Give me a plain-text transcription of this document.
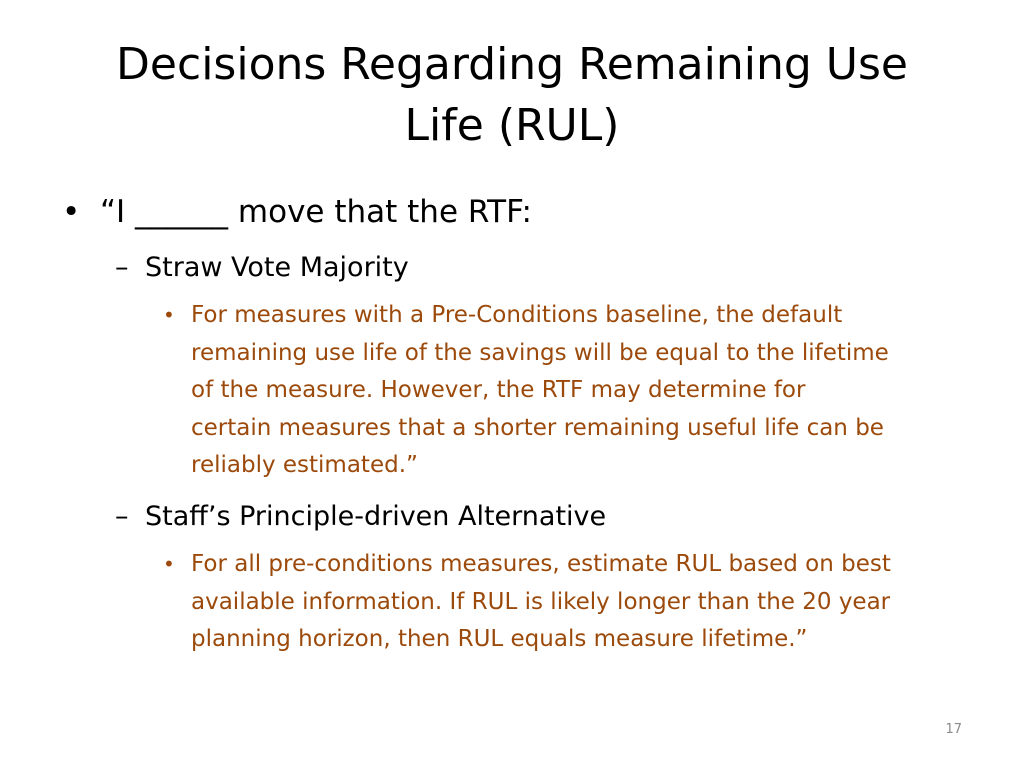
Decisions Regarding Remaining Use
Life (RUL)
• “I ______ move that the RTF:
– Straw Vote Majority
• For measures with a Pre-Conditions baseline, the default
remaining use life of the savings will be equal to the lifetime
of the measure. However, the RTF may determine for
certain measures that a shorter remaining useful life can be
reliably estimated.”
– Staff’s Principle-driven Alternative
• For all pre-conditions measures, estimate RUL based on best
available information. If RUL is likely longer than the 20 year
planning horizon, then RUL equals measure lifetime.”
17
